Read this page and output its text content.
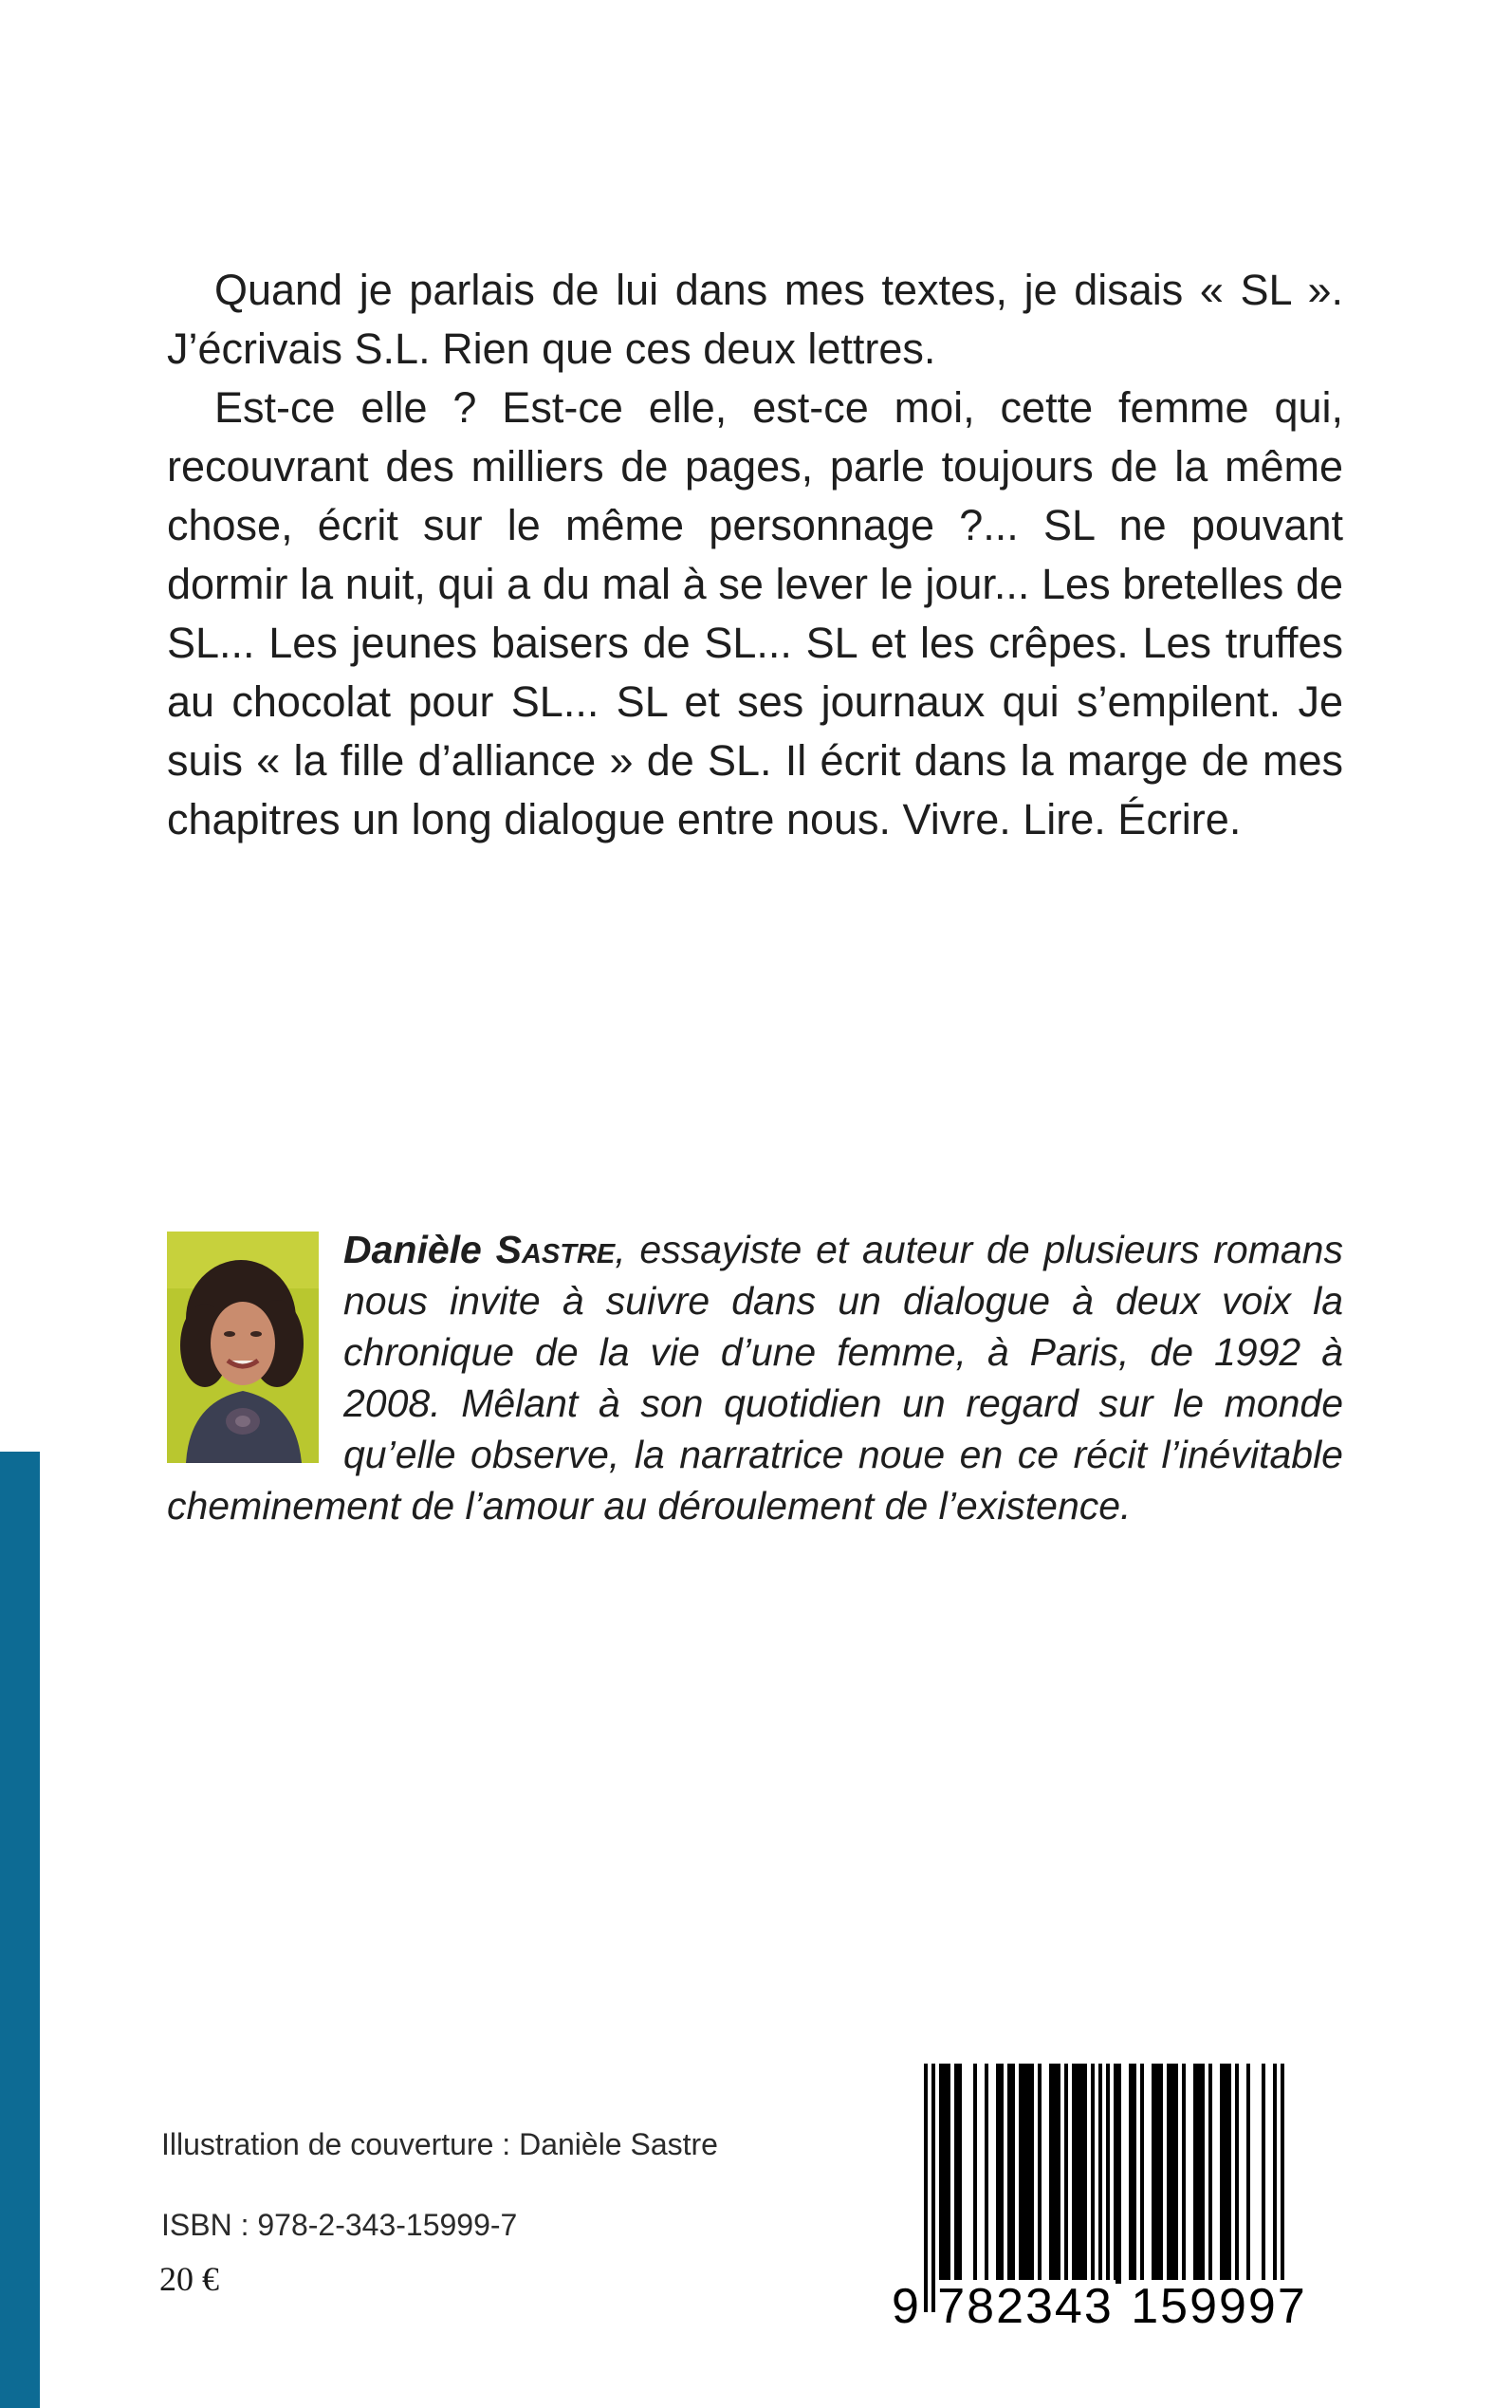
Quand je parlais de lui dans mes textes, je disais « SL ». J’écrivais S.L. Rien que ces deux lettres.

Est-ce elle ? Est-ce elle, est-ce moi, cette femme qui, recouvrant des milliers de pages, parle toujours de la même chose, écrit sur le même personnage ?... SL ne pouvant dormir la nuit, qui a du mal à se lever le jour... Les bretelles de SL... Les jeunes baisers de SL... SL et les crêpes. Les truffes au chocolat pour SL... SL et ses journaux qui s’empilent. Je suis « la fille d’alliance » de SL. Il écrit dans la marge de mes chapitres un long dialogue entre nous. Vivre. Lire. Écrire.

Danièle Sastre, essayiste et auteur de plusieurs romans nous invite à suivre dans un dialogue à deux voix la chronique de la vie d’une femme, à Paris, de 1992 à 2008. Mêlant à son quotidien un regard sur le monde qu’elle observe, la narratrice noue en ce récit l’inévitable cheminement de l’amour au déroulement de l’existence.
Illustration de couverture : Danièle Sastre
ISBN : 978-2-343-15999-7
20 €	9 782343 159997
